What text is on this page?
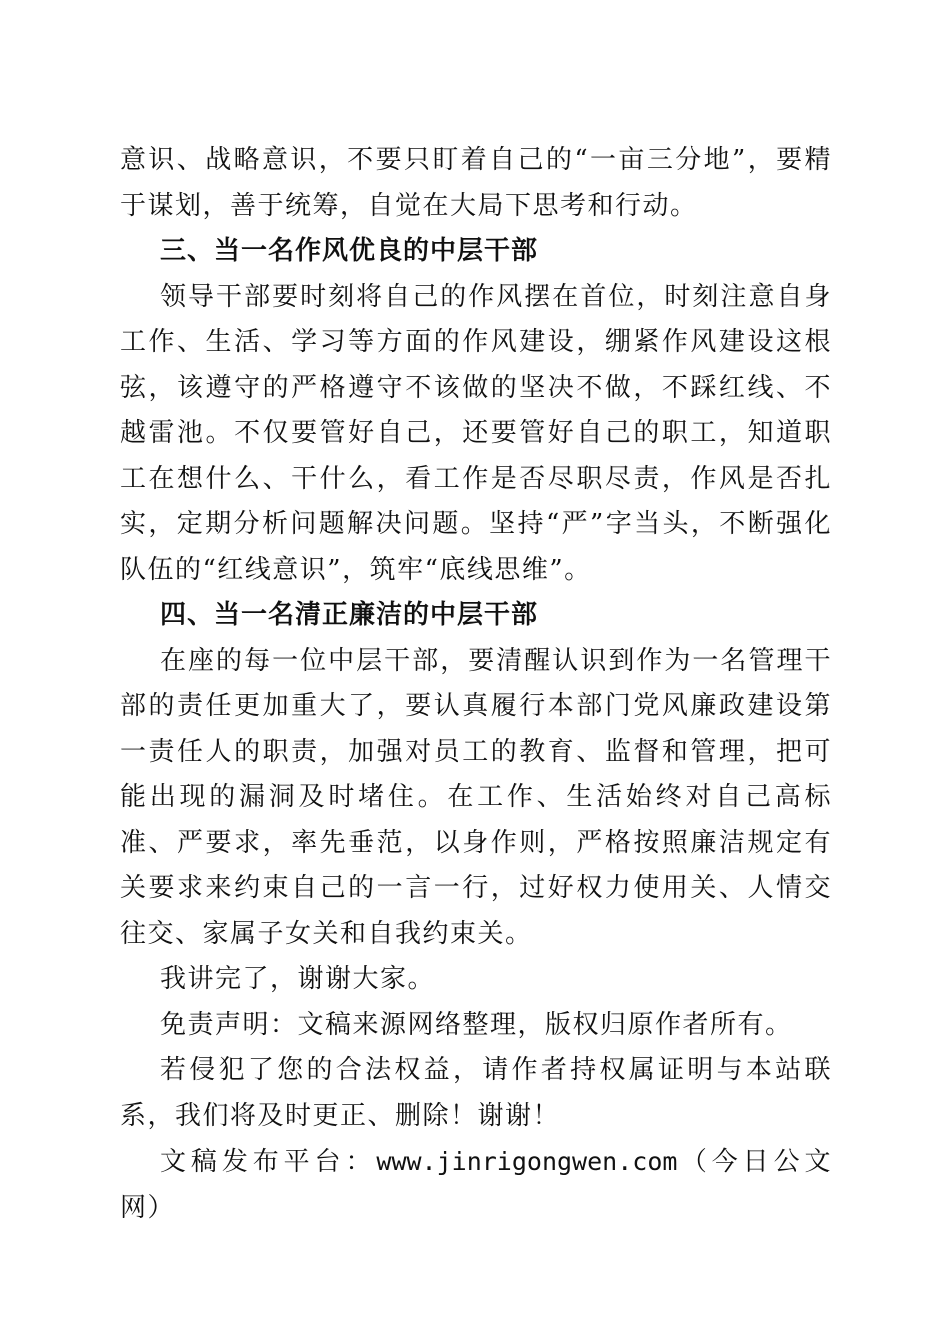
意识、战略意识，不要只盯着自己的“一亩三分地”，要精于谋划，善于统筹，自觉在大局下思考和行动。

三、当一名作风优良的中层干部

领导干部要时刻将自己的作风摆在首位，时刻注意自身工作、生活、学习等方面的作风建设，绷紧作风建设这根弦，该遵守的严格遵守不该做的坚决不做，不踩红线、不越雷池。不仅要管好自己，还要管好自己的职工，知道职工在想什么、干什么，看工作是否尽职尽责，作风是否扎实，定期分析问题解决问题。坚持“严”字当头，不断强化队伍的“红线意识”，筑牢“底线思维”。

四、当一名清正廉洁的中层干部

在座的每一位中层干部，要清醒认识到作为一名管理干部的责任更加重大了，要认真履行本部门党风廉政建设第一责任人的职责，加强对员工的教育、监督和管理，把可能出现的漏洞及时堵住。在工作、生活始终对自己高标准、严要求，率先垂范，以身作则，严格按照廉洁规定有关要求来约束自己的一言一行，过好权力使用关、人情交往交、家属子女关和自我约束关。

我讲完了，谢谢大家。

免责声明：文稿来源网络整理，版权归原作者所有。

若侵犯了您的合法权益，请作者持权属证明与本站联系，我们将及时更正、删除！谢谢！

文稿发布平台：www.jinrigongwen.com（今日公文网）
